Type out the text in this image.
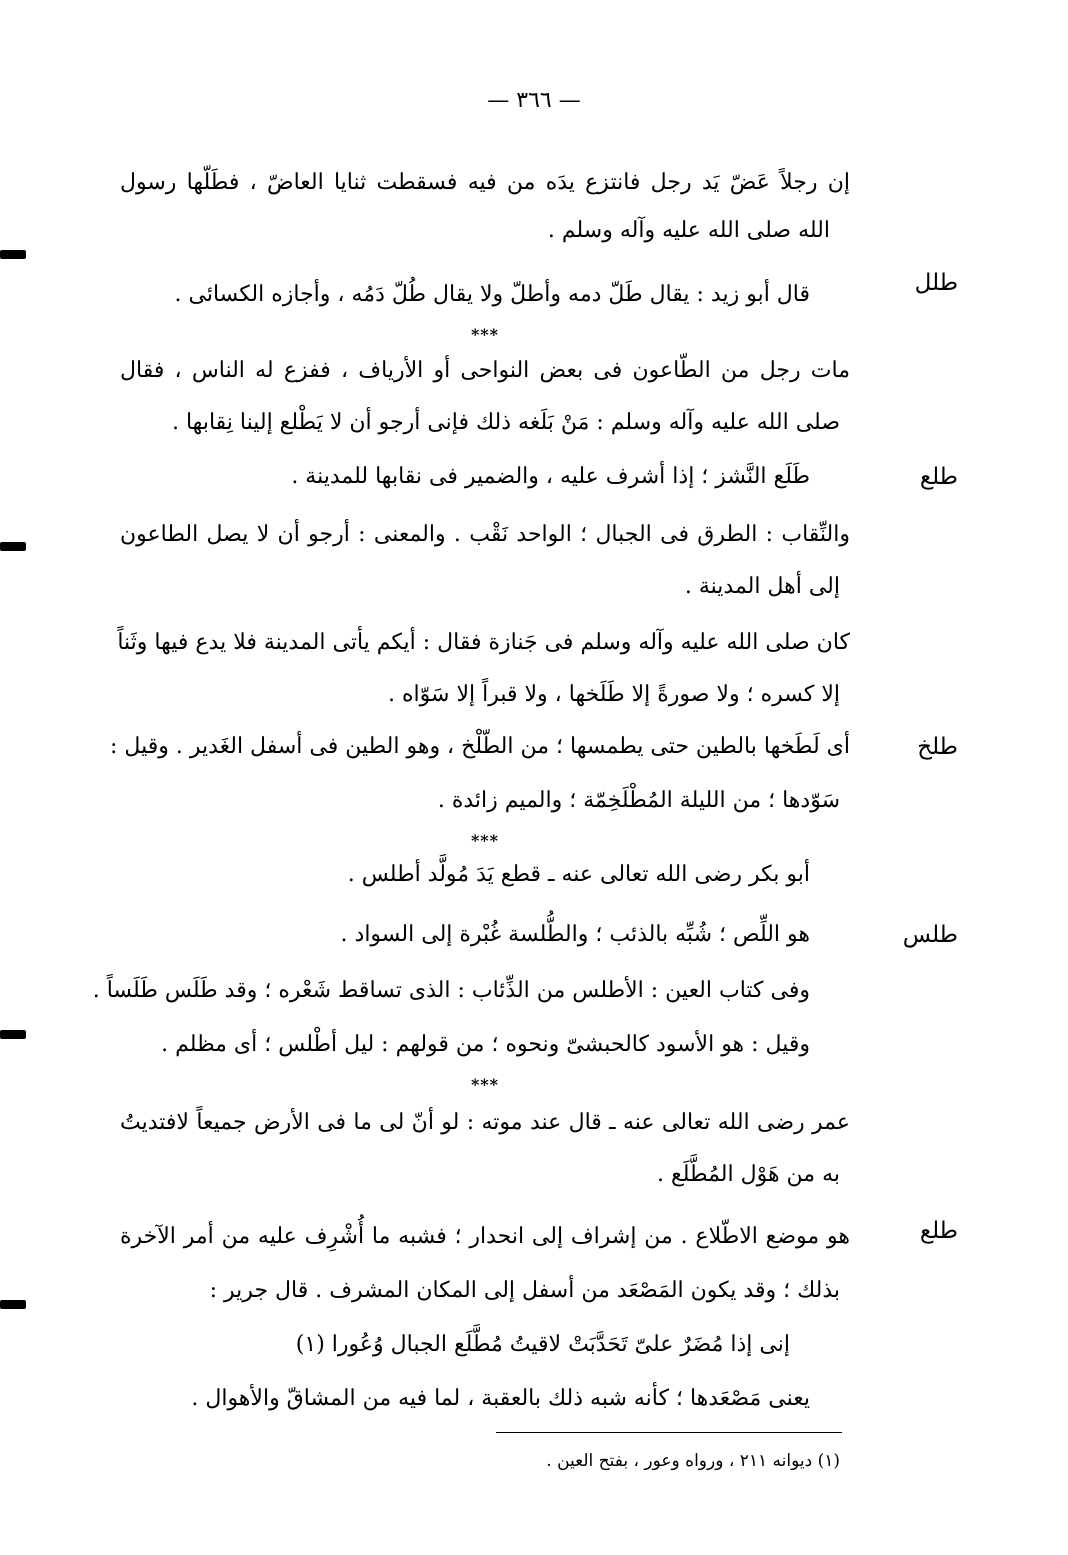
— ٣٦٦ —
إن رجلاً عَضّ يَد رجل فانتزع يدَه من فيه فسقطت ثنايا العاضّ ، فطَلّها رسول
الله صلى الله عليه وآله وسلم .
قال أبو زيد : يقال طَلّ دمه وأطلّ ولا يقال طُلّ دَمُه ، وأجازه الكسائى .
***
مات رجل من الطّاعون فى بعض النواحى أو الأرياف ، ففزع له الناس ، فقال
صلى الله عليه وآله وسلم : مَنْ بَلَغه ذلك فإنى أرجو أن لا يَطْلع إلينا نِقابها .
طَلَع النَّشز ؛ إذا أشرف عليه ، والضمير فى نقابها للمدينة .
والنِّقاب : الطرق فى الجبال ؛ الواحد نَقْب . والمعنى : أرجو أن لا يصل الطاعون
إلى أهل المدينة .
كان صلى الله عليه وآله وسلم فى جَنازة فقال : أيكم يأتى المدينة فلا يدع فيها وثَناً
إلا كسره ؛ ولا صورةً إلا طَلَخها ، ولا قبراً إلا سَوّاه .
أى لَطَخها بالطين حتى يطمسها ؛ من الطّلْخ ، وهو الطين فى أسفل الغَدير . وقيل :
سَوّدها ؛ من الليلة المُطْلَخِمّة ؛ والميم زائدة .
***
أبو بكر رضى الله تعالى عنه ـ قطع يَدَ مُولَّد أطلس .
هو اللِّص ؛ شُبِّه بالذئب ؛ والطُّلسة غُبْرة إلى السواد .
وفى كتاب العين : الأطلس من الذِّئاب : الذى تساقط شَعْره ؛ وقد طَلَس طَلَساً .
وقيل : هو الأسود كالحبشىّ ونحوه ؛ من قولهم : ليل أطْلس ؛ أى مظلم .
***
عمر رضى الله تعالى عنه ـ قال عند موته : لو أنّ لى ما فى الأرض جميعاً لافتديتُ
به من هَوْل المُطَّلَع .
هو موضع الاطّلاع . من إشراف إلى انحدار ؛ فشبه ما أُشْرِف عليه من أمر الآخرة
بذلك ؛ وقد يكون المَصْعَد من أسفل إلى المكان المشرف . قال جرير :
إنى إذا مُضَرٌ علىّ تَحَدَّبَتْ لاقيتُ مُطَّلَع الجبال وُعُورا (١)
يعنى مَصْعَدها ؛ كأنه شبه ذلك بالعقبة ، لما فيه من المشاقّ والأهوال .
طلل
طلع
طلخ
طلس
طلع
(١) ديوانه ٢١١ ، ورواه وعور ، بفتح العين .
